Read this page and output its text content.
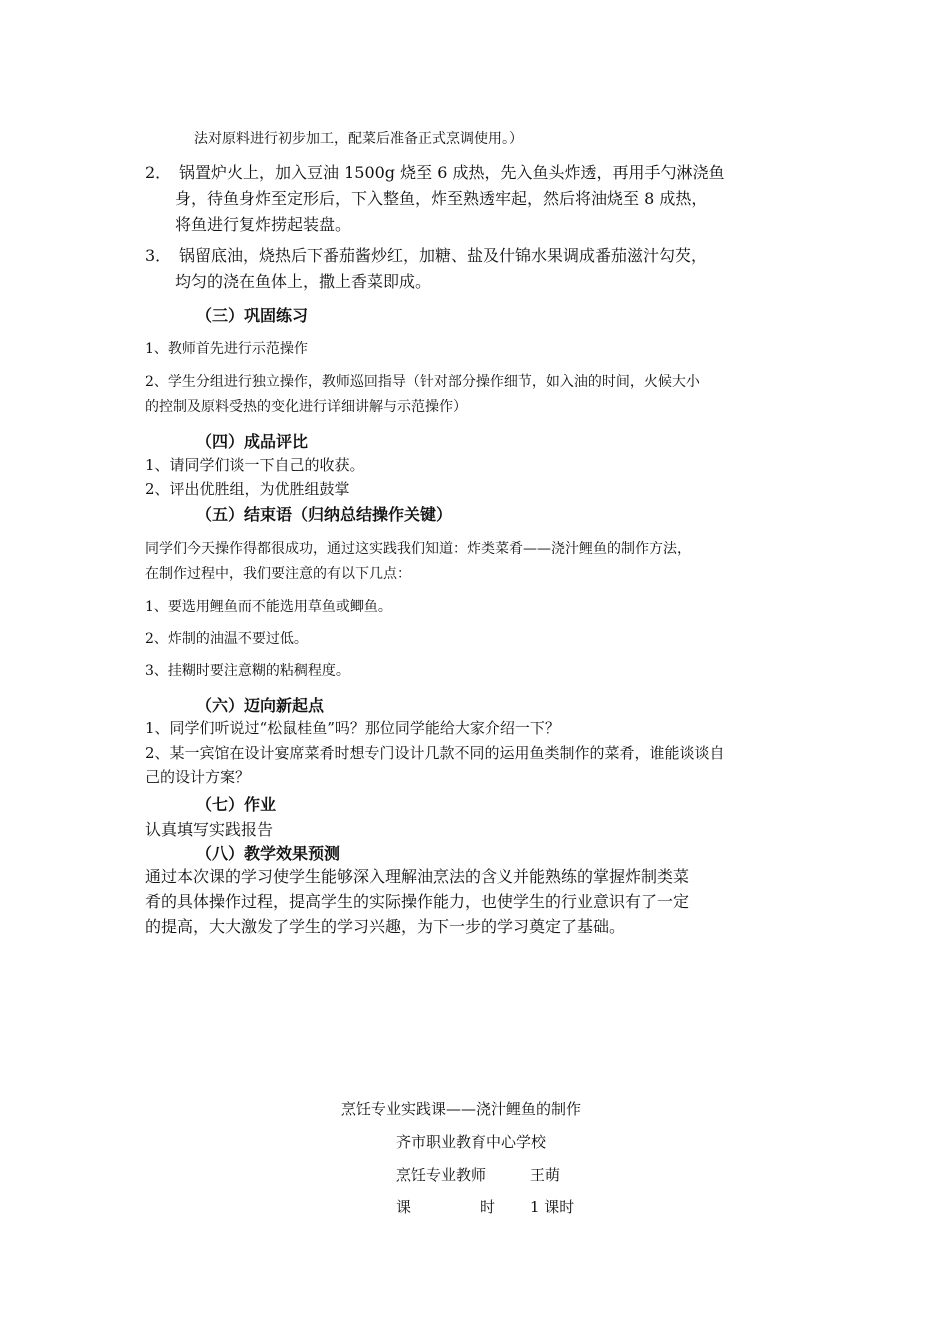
法对原料进行初步加工，配菜后准备正式烹调使用。）

2． 锅置炉火上，加入豆油 1500g 烧至 6 成热，先入鱼头炸透，再用手勺淋浇鱼

身，待鱼身炸至定形后，下入整鱼，炸至熟透牢起，然后将油烧至 8 成热，

将鱼进行复炸捞起装盘。

3． 锅留底油，烧热后下番茄酱炒红，加糖、盐及什锦水果调成番茄滋汁勾芡，

均匀的浇在鱼体上，撒上香菜即成。

（三）巩固练习

1、教师首先进行示范操作

2、学生分组进行独立操作，教师巡回指导（针对部分操作细节，如入油的时间，火候大小

的控制及原料受热的变化进行详细讲解与示范操作）

（四）成品评比

1、请同学们谈一下自己的收获。

2、评出优胜组，为优胜组鼓掌

（五）结束语（归纳总结操作关键）

同学们今天操作得都很成功，通过这实践我们知道：炸类菜肴——浇汁鲤鱼的制作方法，

在制作过程中，我们要注意的有以下几点：

1、要选用鲤鱼而不能选用草鱼或鲫鱼。

2、炸制的油温不要过低。

3、挂糊时要注意糊的粘稠程度。

（六）迈向新起点

1、同学们听说过“松鼠桂鱼”吗？那位同学能给大家介绍一下？

2、某一宾馆在设计宴席菜肴时想专门设计几款不同的运用鱼类制作的菜肴，谁能谈谈自

己的设计方案？

（七）作业

认真填写实践报告

（八）教学效果预测

通过本次课的学习使学生能够深入理解油烹法的含义并能熟练的掌握炸制类菜

肴的具体操作过程，提高学生的实际操作能力，也使学生的行业意识有了一定

的提高，大大激发了学生的学习兴趣，为下一步的学习奠定了基础。

烹饪专业实践课——浇汁鲤鱼的制作

齐市职业教育中心学校

烹饪专业教师	王萌

课	时 1 课时
